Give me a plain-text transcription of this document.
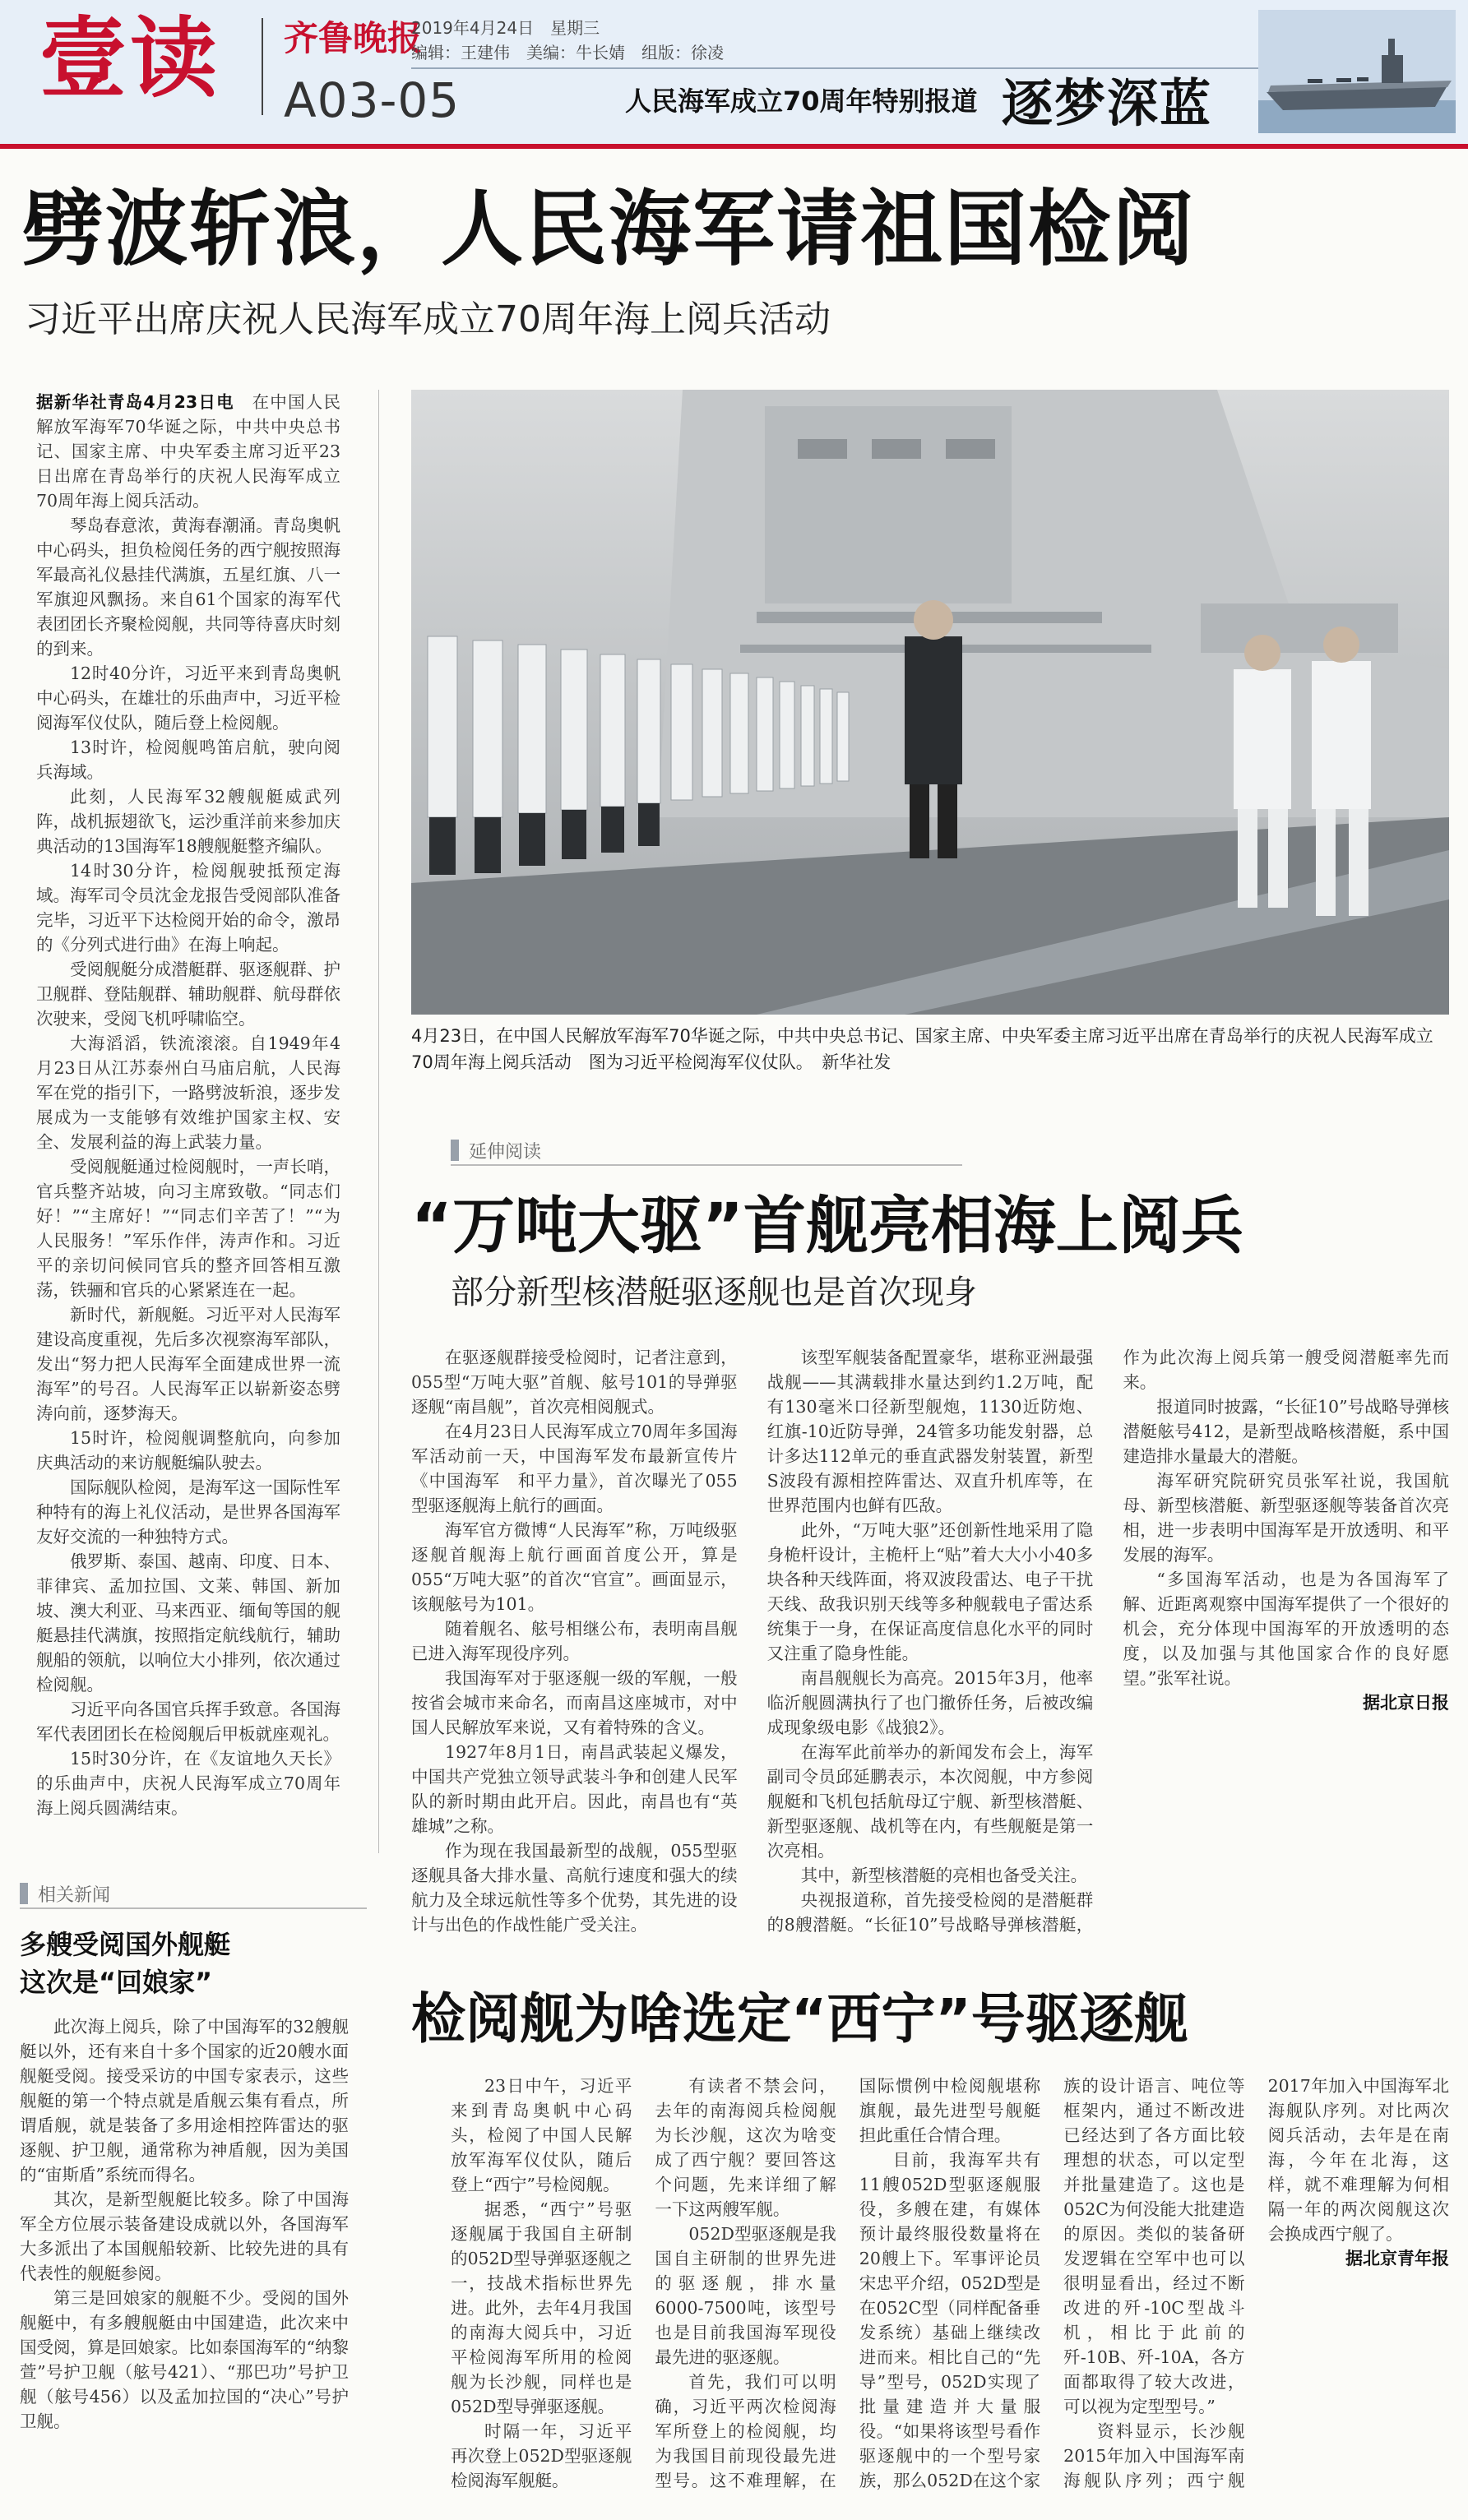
壹读 齐鲁晚报
A03-05
2019年4月24日　星期三
编辑：王建伟　美编：牛长婧　组版：徐凌
人民海军成立70周年特别报道 逐梦深蓝
劈波斩浪，人民海军请祖国检阅
习近平出席庆祝人民海军成立70周年海上阅兵活动

据新华社青岛4月23日电　 在中国人民解放军海军70华诞之际，中共中央总书记、国家主席、中央军委主席习近平23日出席在青岛举行的庆祝人民海军成立70周年海上阅兵活动。

琴岛春意浓，黄海春潮涌。青岛奥帆中心码头，担负检阅任务的西宁舰按照海军最高礼仪悬挂代满旗，五星红旗、八一军旗迎风飘扬。来自61个国家的海军代表团团长齐聚检阅舰，共同等待喜庆时刻的到来。

12时40分许，习近平来到青岛奥帆中心码头，在雄壮的乐曲声中，习近平检阅海军仪仗队，随后登上检阅舰。

13时许，检阅舰鸣笛启航，驶向阅兵海域。

此刻，人民海军32艘舰艇威武列阵，战机振翅欲飞，运沙重洋前来参加庆典活动的13国海军18艘舰艇整齐编队。

14时30分许，检阅舰驶抵预定海域。海军司令员沈金龙报告受阅部队准备完毕，习近平下达检阅开始的命令，激昂的《分列式进行曲》在海上响起。

受阅舰艇分成潜艇群、驱逐舰群、护卫舰群、登陆舰群、辅助舰群、航母群依次驶来，受阅飞机呼啸临空。

大海滔滔，铁流滚滚。自1949年4月23日从江苏泰州白马庙启航，人民海军在党的指引下，一路劈波斩浪，逐步发展成为一支能够有效维护国家主权、安全、发展利益的海上武装力量。

受阅舰艇通过检阅舰时，一声长哨，官兵整齐站坡，向习主席致敬。“同志们好！”“主席好！”“同志们辛苦了！”“为人民服务！”军乐作伴，涛声作和。习近平的亲切问候同官兵的整齐回答相互激荡，铁骊和官兵的心紧紧连在一起。

新时代，新舰艇。习近平对人民海军建设高度重视，先后多次视察海军部队，发出“努力把人民海军全面建成世界一流海军”的号召。人民海军正以崭新姿态劈涛向前，逐梦海天。

15时许，检阅舰调整航向，向参加庆典活动的来访舰艇编队驶去。

国际舰队检阅，是海军这一国际性军种特有的海上礼仪活动，是世界各国海军友好交流的一种独特方式。

俄罗斯、泰国、越南、印度、日本、菲律宾、孟加拉国、文莱、韩国、新加坡、澳大利亚、马来西亚、缅甸等国的舰艇悬挂代满旗，按照指定航线航行，辅助舰船的领航，以响位大小排列，依次通过检阅舰。

习近平向各国官兵挥手致意。各国海军代表团团长在检阅舰后甲板就座观礼。

15时30分许，在《友谊地久天长》的乐曲声中，庆祝人民海军成立70周年海上阅兵圆满结束。

4月23日，在中国人民解放军海军70华诞之际，中共中央总书记、国家主席、中央军委主席习近平出席在青岛举行的庆祝人民海军成立70周年海上阅兵活动　图为习近平检阅海军仪仗队。　新华社发
延伸阅读
“万吨大驱”首舰亮相海上阅兵
部分新型核潜艇驱逐舰也是首次现身

在驱逐舰群接受检阅时，记者注意到，055型“万吨大驱”首舰、舷号101的导弹驱逐舰“南昌舰”，首次亮相阅舰式。

在4月23日人民海军成立70周年多国海军活动前一天，中国海军发布最新宣传片《中国海军　和平力量》，首次曝光了055型驱逐舰海上航行的画面。

海军官方微博“人民海军”称，万吨级驱逐舰首舰海上航行画面首度公开，算是055“万吨大驱”的首次“官宣”。画面显示，该舰舷号为101。

随着舰名、舷号相继公布，表明南昌舰已进入海军现役序列。

我国海军对于驱逐舰一级的军舰，一般按省会城市来命名，而南昌这座城市，对中国人民解放军来说，又有着特殊的含义。

1927年8月1日，南昌武装起义爆发，中国共产党独立领导武装斗争和创建人民军队的新时期由此开启。因此，南昌也有“英雄城”之称。

作为现在我国最新型的战舰，055型驱逐舰具备大排水量、高航行速度和强大的续航力及全球远航性等多个优势，其先进的设计与出色的作战性能广受关注。

该型军舰装备配置豪华，堪称亚洲最强战舰——其满载排水量达到约1.2万吨，配有130毫米口径新型舰炮，1130近防炮、红旗-10近防导弹，24管多功能发射器，总计多达112单元的垂直武器发射装置，新型S波段有源相控阵雷达、双直升机库等，在世界范围内也鲜有匹敌。

此外，“万吨大驱”还创新性地采用了隐身桅杆设计，主桅杆上“贴”着大大小小40多块各种天线阵面，将双波段雷达、电子干扰天线、敌我识别天线等多种舰载电子雷达系统集于一身，在保证高度信息化水平的同时又注重了隐身性能。

南昌舰舰长为高亮。2015年3月，他率临沂舰圆满执行了也门撤侨任务，后被改编成现象级电影《战狼2》。

在海军此前举办的新闻发布会上，海军副司令员邱延鹏表示，本次阅舰，中方参阅舰艇和飞机包括航母辽宁舰、新型核潜艇、新型驱逐舰、战机等在内，有些舰艇是第一次亮相。

其中，新型核潜艇的亮相也备受关注。

央视报道称，首先接受检阅的是潜艇群的8艘潜艇。“长征10”号战略导弹核潜艇，作为此次海上阅兵第一艘受阅潜艇率先而来。

报道同时披露，“长征10”号战略导弹核潜艇舷号412，是新型战略核潜艇，系中国建造排水量最大的潜艇。

海军研究院研究员张军社说，我国航母、新型核潜艇、新型驱逐舰等装备首次亮相，进一步表明中国海军是开放透明、和平发展的海军。

“多国海军活动，也是为各国海军了解、近距离观察中国海军提供了一个很好的机会，充分体现中国海军的开放透明的态度，以及加强与其他国家合作的良好愿望。”张军社说。

据北京日报
相关新闻
多艘受阅国外舰艇
这次是“回娘家”

此次海上阅兵，除了中国海军的32艘舰艇以外，还有来自十多个国家的近20艘水面舰艇受阅。接受采访的中国专家表示，这些舰艇的第一个特点就是盾舰云集有看点，所谓盾舰，就是装备了多用途相控阵雷达的驱逐舰、护卫舰，通常称为神盾舰，因为美国的“宙斯盾”系统而得名。

其次，是新型舰艇比较多。除了中国海军全方位展示装备建设成就以外，各国海军大多派出了本国舰船较新、比较先进的具有代表性的舰艇参阅。

第三是回娘家的舰艇不少。受阅的国外舰艇中，有多艘舰艇由中国建造，此次来中国受阅，算是回娘家。比如泰国海军的“纳黎萱”号护卫舰（舷号421）、“那巴功”号护卫舰（舷号456）以及孟加拉国的“决心”号护卫舰。

检阅舰为啥选定“西宁”号驱逐舰

23日中午，习近平来到青岛奥帆中心码头，检阅了中国人民解放军海军仪仗队，随后登上“西宁”号检阅舰。

据悉，“西宁”号驱逐舰属于我国自主研制的052D型导弹驱逐舰之一，技战术指标世界先进。此外，去年4月我国的南海大阅兵中，习近平检阅海军所用的检阅舰为长沙舰，同样也是052D型导弹驱逐舰。

时隔一年，习近平再次登上052D型驱逐舰检阅海军舰艇。

有读者不禁会问，去年的南海阅兵检阅舰为长沙舰，这次为啥变成了西宁舰？要回答这个问题，先来详细了解一下这两艘军舰。

052D型驱逐舰是我国自主研制的世界先进的驱逐舰，排水量6000-7500吨，该型号也是目前我国海军现役最先进的驱逐舰。

首先，我们可以明确，习近平两次检阅海军所登上的检阅舰，均为我国目前现役最先进型号。这不难理解，在国际惯例中检阅舰堪称旗舰，最先进型号舰艇担此重任合情合理。

目前，我海军共有11艘052D型驱逐舰服役，多艘在建，有媒体预计最终服役数量将在20艘上下。军事评论员宋忠平介绍，052D型是在052C型（同样配备垂发系统）基础上继续改进而来。相比自己的“先导”型号，052D实现了批量建造并大量服役。“如果将该型号看作驱逐舰中的一个型号家族，那么052D在这个家族的设计语言、吨位等框架内，通过不断改进已经达到了各方面比较理想的状态，可以定型并批量建造了。这也是052C为何没能大批建造的原因。类似的装备研发逻辑在空军中也可以很明显看出，经过不断改进的歼-10C型战斗机，相比于此前的歼-10B、歼-10A，各方面都取得了较大改进，可以视为定型型号。”

资料显示，长沙舰2015年加入中国海军南海舰队序列；西宁舰2017年加入中国海军北海舰队序列。对比两次阅兵活动，去年是在南海，今年在北海，这样，就不难理解为何相隔一年的两次阅舰这次会换成西宁舰了。

据北京青年报
